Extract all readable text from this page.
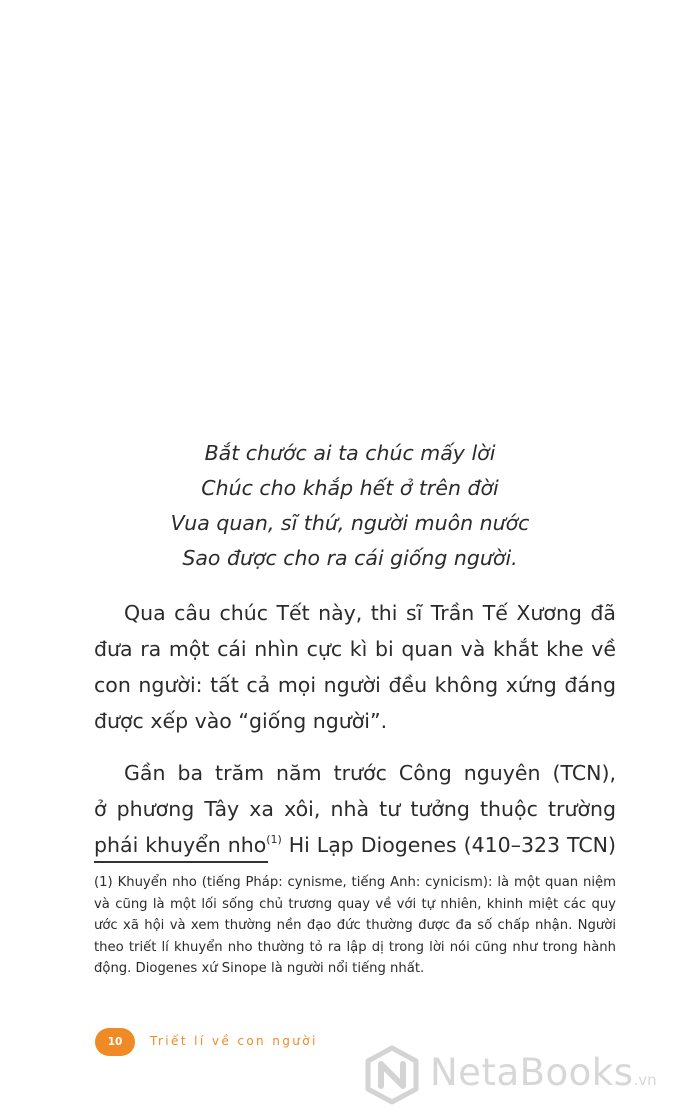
Bắt chước ai ta chúc mấy lời
Chúc cho khắp hết ở trên đời
Vua quan, sĩ thứ, người muôn nước
Sao được cho ra cái giống người.
Qua câu chúc Tết này, thi sĩ Trần Tế Xương đã
đưa ra một cái nhìn cực kì bi quan và khắt khe về
con người: tất cả mọi người đều không xứng đáng
được xếp vào “giống người”.
Gần ba trăm năm trước Công nguyên (TCN),
ở phương Tây xa xôi, nhà tư tưởng thuộc trường
phái khuyển nho$^{(1)}$ Hi Lạp Diogenes (410–323 TCN)
(1) Khuyển nho (tiếng Pháp: cynisme, tiếng Anh: cynicism): là một quan niệm
và cũng là một lối sống chủ trương quay về với tự nhiên, khinh miệt các quy
ước xã hội và xem thường nền đạo đức thường được đa số chấp nhận. Người
theo triết lí khuyển nho thường tỏ ra lập dị trong lời nói cũng như trong hành
động. Diogenes xứ Sinope là người nổi tiếng nhất.
10	Triết lí về con người
NetaBooks.vn
